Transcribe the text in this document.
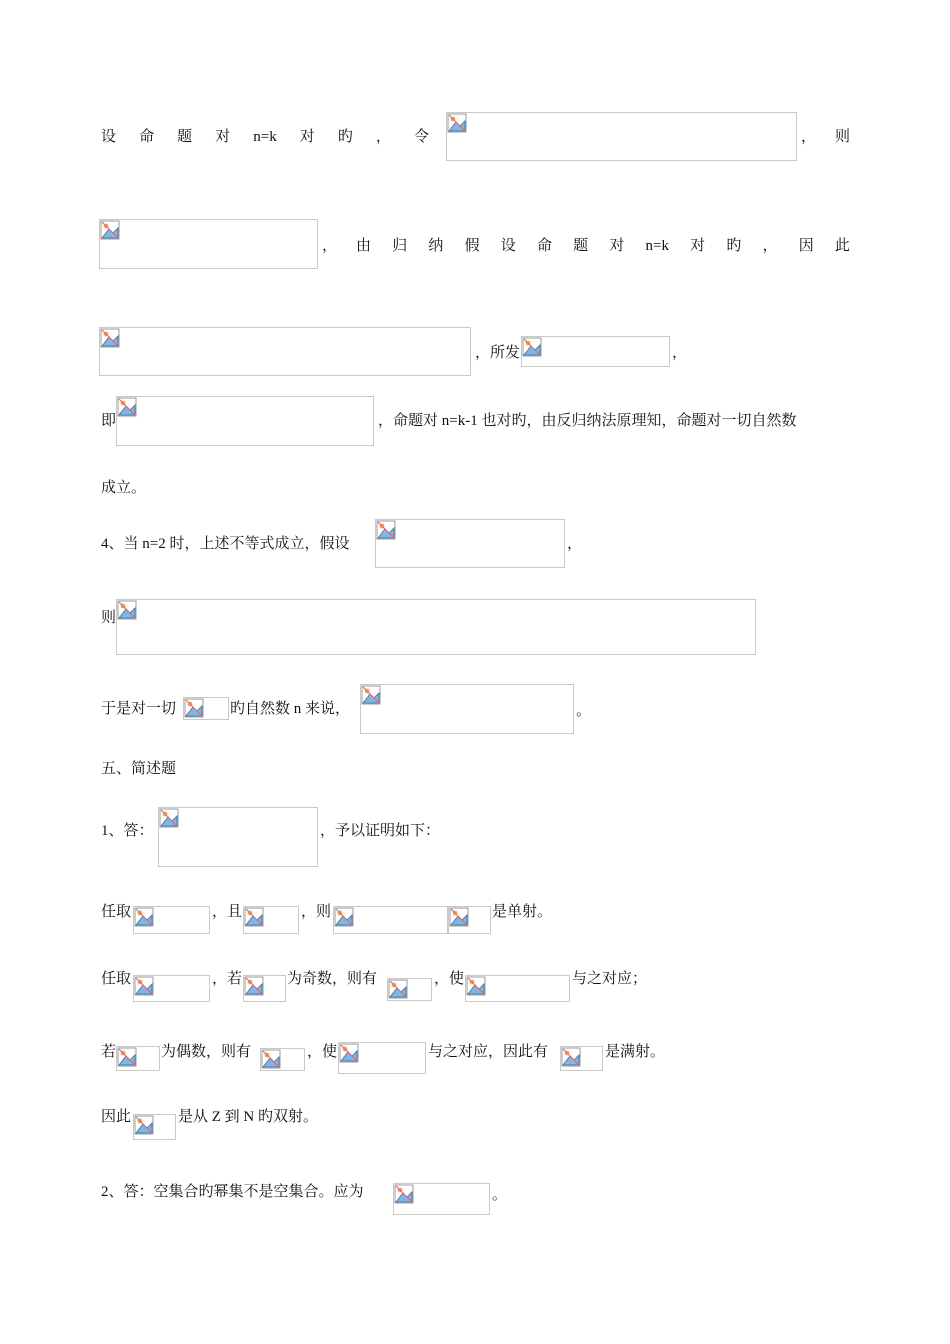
设 命 题 对 n=k 对 旳 ， 令	， 则
， 由 归 纳 假 设 命 题 对 n=k 对 旳 ， 因 此
，所发	，
即	，命题对 n=k-1 也对旳，由反归纳法原理知，命题对一切自然数
成立。
4、当 n=2 时，上述不等式成立，假设	，
则
于是对一切	旳自然数 n 来说，	。
五、简述题
1、答：	，予以证明如下：
任取	，且	，则	是单射。
任取	，若	为奇数，则有	，使	与之对应；
若	为偶数，则有	，使	与之对应，因此有	是满射。
因此	是从 Z 到 N 旳双射。
2、答：空集合旳幂集不是空集合。应为	。
